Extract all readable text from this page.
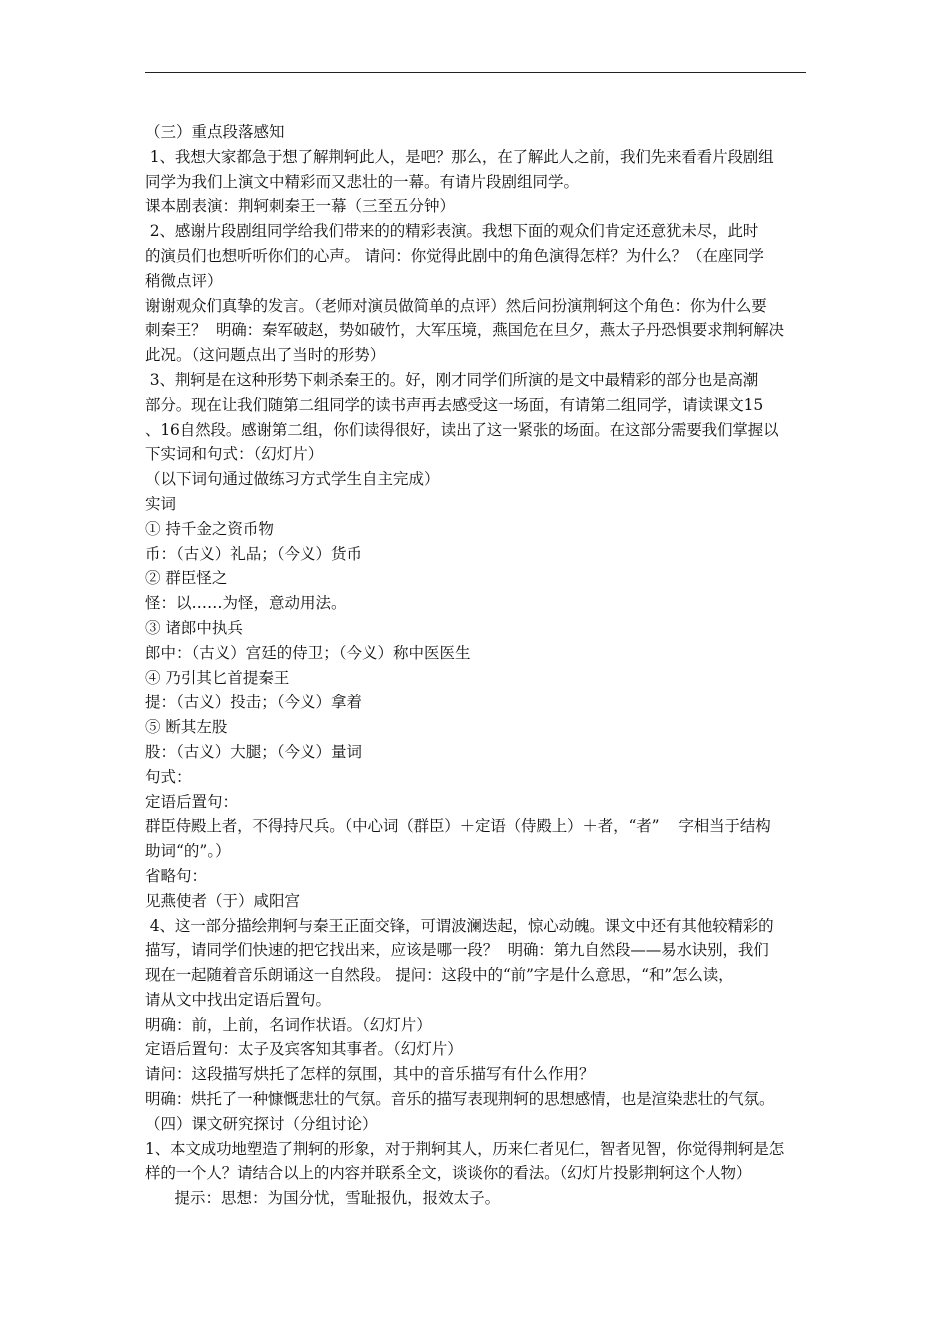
（三）重点段落感知
1、我想大家都急于想了解荆轲此人，是吧？那么，在了解此人之前，我们先来看看片段剧组
同学为我们上演文中精彩而又悲壮的一幕。有请片段剧组同学。
课本剧表演：荆轲刺秦王一幕（三至五分钟）
2、感谢片段剧组同学给我们带来的的精彩表演。我想下面的观众们肯定还意犹未尽，此时
的演员们也想听听你们的心声。 请问：你觉得此剧中的角色演得怎样？为什么？（在座同学
稍微点评）
谢谢观众们真挚的发言。（老师对演员做简单的点评）然后问扮演荆轲这个角色：你为什么要
刺秦王？  明确：秦军破赵，势如破竹，大军压境，燕国危在旦夕，燕太子丹恐惧要求荆轲解决
此况。（这问题点出了当时的形势）
3、荆轲是在这种形势下刺杀秦王的。好，刚才同学们所演的是文中最精彩的部分也是高潮
部分。现在让我们随第二组同学的读书声再去感受这一场面，有请第二组同学，请读课文15
、16自然段。感谢第二组，你们读得很好，读出了这一紧张的场面。在这部分需要我们掌握以
下实词和句式：（幻灯片）
（以下词句通过做练习方式学生自主完成）
实词
① 持千金之资币物
币：（古义）礼品；（今义）货币
② 群臣怪之
怪：以……为怪，意动用法。
③ 诸郎中执兵
郎中：（古义）宫廷的侍卫；（今义）称中医医生
④ 乃引其匕首提秦王
提：（古义）投击；（今义）拿着
⑤ 断其左股
股：（古义）大腿；（今义）量词
句式：
定语后置句：
群臣侍殿上者，不得持尺兵。（中心词（群臣）＋定语（侍殿上）＋者，“者”    字相当于结构
助词“的”。）
省略句：
见燕使者（于）咸阳宫
4、这一部分描绘荆轲与秦王正面交锋，可谓波澜迭起，惊心动魄。课文中还有其他较精彩的
描写，请同学们快速的把它找出来，应该是哪一段？  明确：第九自然段——易水诀别，我们
现在一起随着音乐朗诵这一自然段。 提问：这段中的“前”字是什么意思，“和”怎么读，
请从文中找出定语后置句。
明确：前，上前，名词作状语。（幻灯片）
定语后置句：太子及宾客知其事者。（幻灯片）
请问：这段描写烘托了怎样的氛围，其中的音乐描写有什么作用？
明确：烘托了一种慷慨悲壮的气氛。音乐的描写表现荆轲的思想感情，也是渲染悲壮的气氛。
（四）课文研究探讨（分组讨论）
1、本文成功地塑造了荆轲的形象，对于荆轲其人，历来仁者见仁，智者见智，你觉得荆轲是怎
样的一个人？请结合以上的内容并联系全文，谈谈你的看法。（幻灯片投影荆轲这个人物）
提示：思想：为国分忧，雪耻报仇，报效太子。
